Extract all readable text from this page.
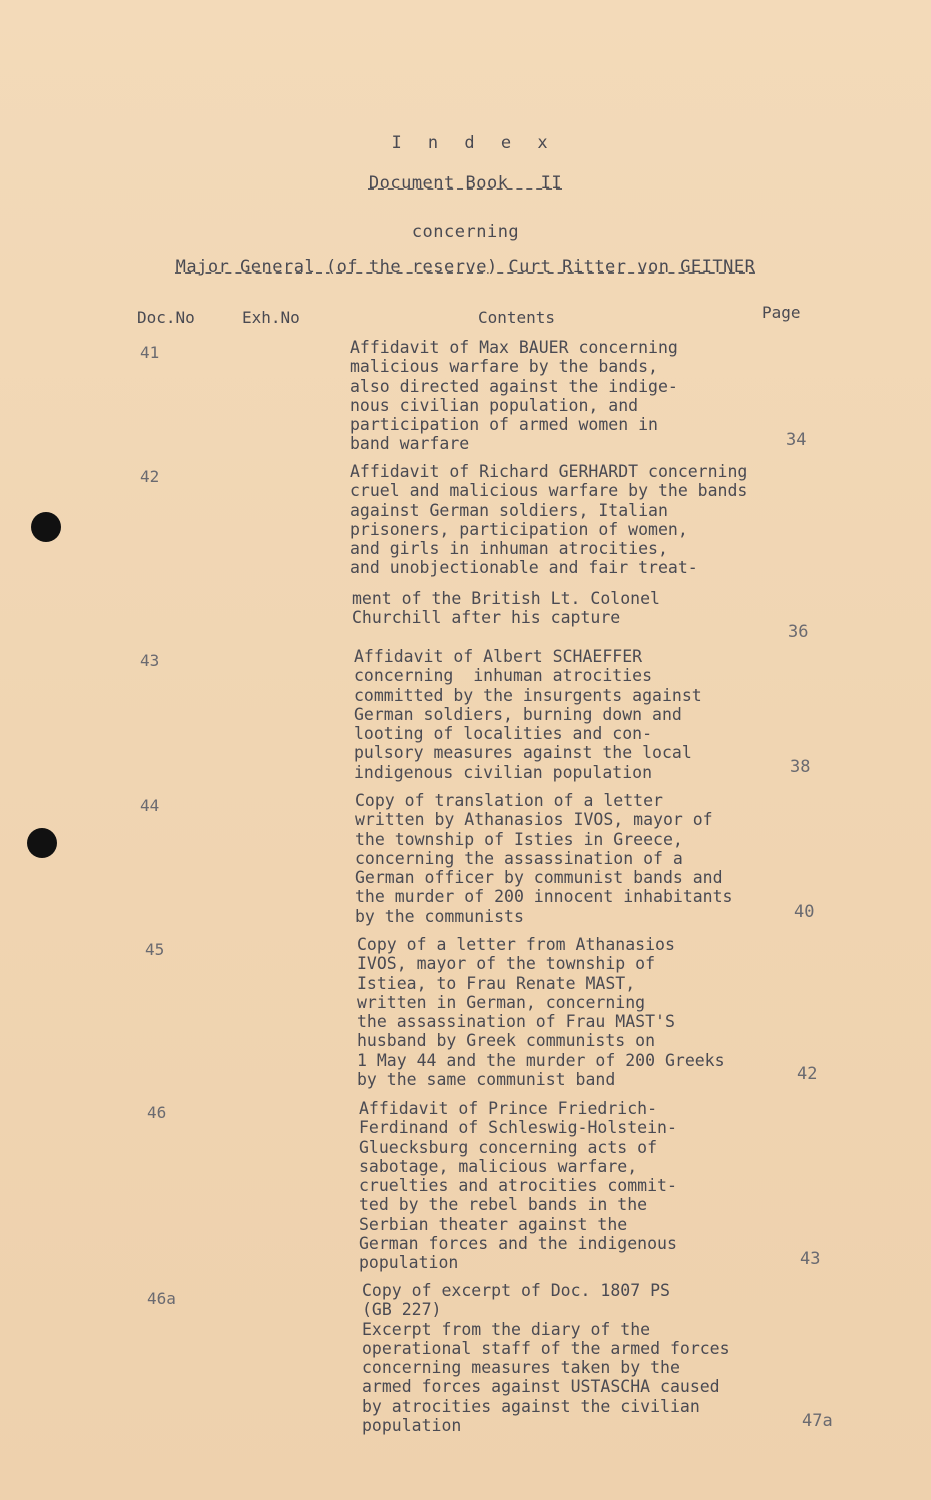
I n d e x
Document Book   II
concerning
Major General (of the reserve) Curt Ritter von GEITNER
Doc.No	Exh.No	Contents	Page
41	Affidavit of Max BAUER concerning
malicious warfare by the bands,
also directed against the indige-
nous civilian population, and
participation of armed women in
band warfare	34
42	Affidavit of Richard GERHARDT concerning
cruel and malicious warfare by the bands
against German soldiers, Italian
prisoners, participation of women,
and girls in inhuman atrocities,
and unobjectionable and fair treat-
ment of the British Lt. Colonel
Churchill after his capture
36
43	Affidavit of Albert SCHAEFFER
concerning  inhuman atrocities
committed by the insurgents against
German soldiers, burning down and
looting of localities and con-
pulsory measures against the local
indigenous civilian population	38
44	Copy of translation of a letter
written by Athanasios IVOS, mayor of
the township of Isties in Greece,
concerning the assassination of a
German officer by communist bands and
the murder of 200 innocent inhabitants
by the communists	40
45	Copy of a letter from Athanasios
IVOS, mayor of the township of
Istiea, to Frau Renate MAST,
written in German, concerning
the assassination of Frau MAST'S
husband by Greek communists on
1 May 44 and the murder of 200 Greeks
by the same communist band	42
46	Affidavit of Prince Friedrich-
Ferdinand of Schleswig-Holstein-
Gluecksburg concerning acts of
sabotage, malicious warfare,
cruelties and atrocities commit-
ted by the rebel bands in the
Serbian theater against the
German forces and the indigenous
population	43
46a	Copy of excerpt of Doc. 1807 PS
(GB 227)
Excerpt from the diary of the
operational staff of the armed forces
concerning measures taken by the
armed forces against USTASCHA caused
by atrocities against the civilian
population	47a
